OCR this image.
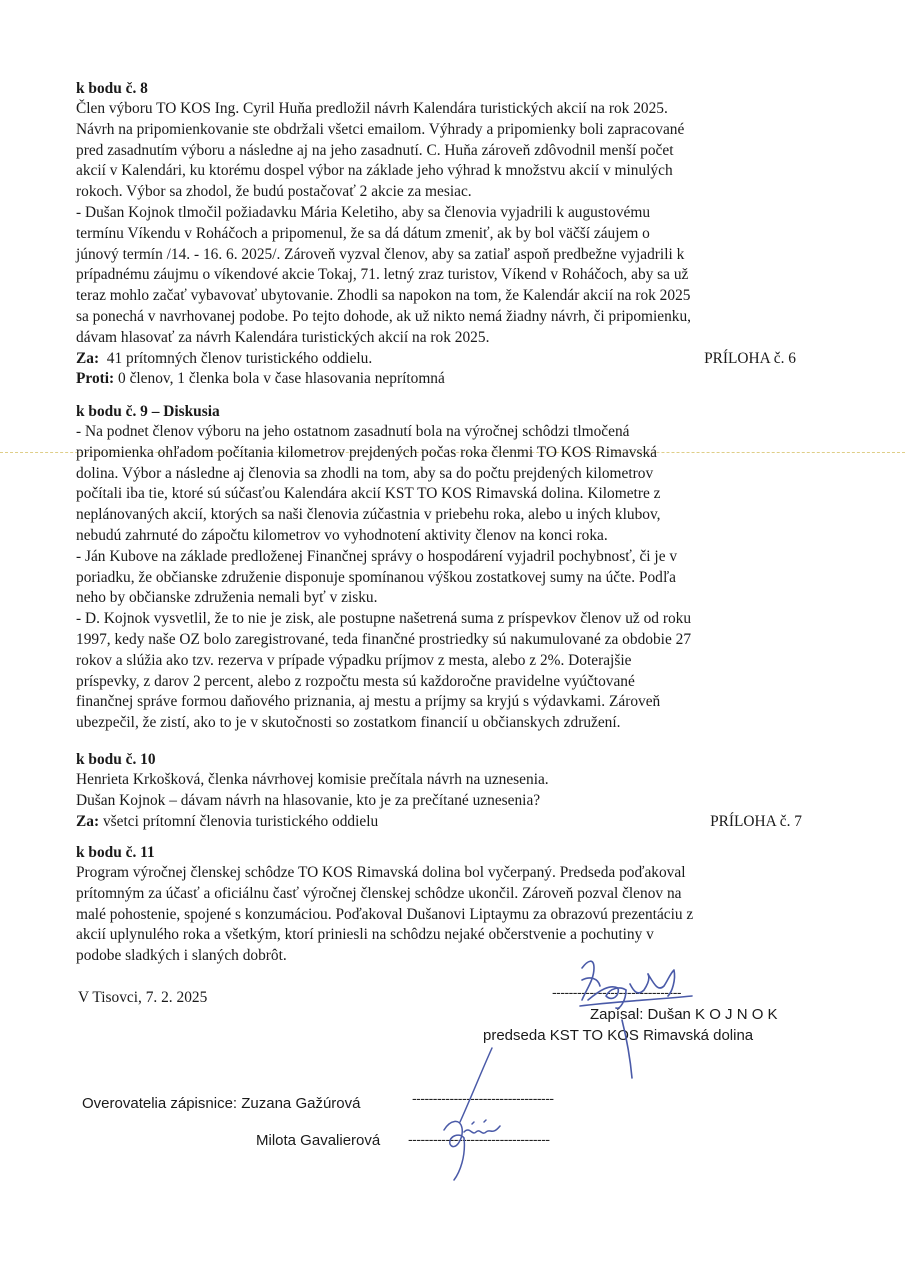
k bodu č. 8
Člen výboru TO KOS Ing. Cyril Huňa predložil návrh Kalendára turistických akcií na rok 2025.
Návrh na pripomienkovanie ste obdržali všetci emailom. Výhrady a pripomienky boli zapracované
pred zasadnutím výboru a následne aj na jeho zasadnutí. C. Huňa zároveň zdôvodnil menší počet
akcií v Kalendári, ku ktorému dospel výbor na základe jeho výhrad k množstvu akcií v minulých
rokoch. Výbor sa zhodol, že budú postačovať 2 akcie za mesiac.
- Dušan Kojnok tlmočil požiadavku Mária Keletiho, aby sa členovia vyjadrili k augustovému
termínu Víkendu v Roháčoch a pripomenul, že sa dá dátum zmeniť, ak by bol väčší záujem o
júnový termín /14. - 16. 6. 2025/. Zároveň vyzval členov, aby sa zatiaľ aspoň predbežne vyjadrili k
prípadnému záujmu o víkendové akcie Tokaj, 71. letný zraz turistov, Víkend v Roháčoch, aby sa už
teraz mohlo začať vybavovať ubytovanie. Zhodli sa napokon na tom, že Kalendár akcií na rok 2025
sa ponechá v navrhovanej podobe. Po tejto dohode, ak už nikto nemá žiadny návrh, či pripomienku,
dávam hlasovať za návrh Kalendára turistických akcií na rok 2025.
Za:  41 prítomných členov turistického oddielu.	PRÍLOHA č. 6
Proti: 0 členov, 1 členka bola v čase hlasovania neprítomná
k bodu č. 9 – Diskusia
- Na podnet členov výboru na jeho ostatnom zasadnutí bola na výročnej schôdzi tlmočená
pripomienka ohľadom počítania kilometrov prejdených počas roka členmi TO KOS Rimavská
dolina. Výbor a následne aj členovia sa zhodli na tom, aby sa do počtu prejdených kilometrov
počítali iba tie, ktoré sú súčasťou Kalendára akcií KST TO KOS Rimavská dolina. Kilometre z
neplánovaných akcií, ktorých sa naši členovia zúčastnia v priebehu roka, alebo u iných klubov,
nebudú zahrnuté do zápočtu kilometrov vo vyhodnotení aktivity členov na konci roka.
- Ján Kubove na základe predloženej Finančnej správy o hospodárení vyjadril pochybnosť, či je v
poriadku, že občianske združenie disponuje spomínanou výškou zostatkovej sumy na účte. Podľa
neho by občianske združenia nemali byť v zisku.
- D. Kojnok vysvetlil, že to nie je zisk, ale postupne našetrená suma z príspevkov členov už od roku
1997, kedy naše OZ bolo zaregistrované, teda finančné prostriedky sú nakumulované za obdobie 27
rokov a slúžia ako tzv. rezerva v prípade výpadku príjmov z mesta, alebo z 2%. Doterajšie
príspevky, z darov 2 percent, alebo z rozpočtu mesta sú každoročne pravidelne vyúčtované
finančnej správe formou daňového priznania, aj mestu a príjmy sa kryjú s výdavkami. Zároveň
ubezpečil, že zistí, ako to je v skutočnosti so zostatkom financií u občianskych združení.
k bodu č. 10
Henrieta Krkošková, členka návrhovej komisie prečítala návrh na uznesenia.
Dušan Kojnok – dávam návrh na hlasovanie, kto je za prečítané uznesenia?
Za: všetci prítomní členovia turistického oddielu	PRÍLOHA č. 7
k bodu č. 11
Program výročnej členskej schôdze TO KOS Rimavská dolina bol vyčerpaný. Predseda poďakoval
prítomným za účasť a oficiálnu časť výročnej členskej schôdze ukončil. Zároveň pozval členov na
malé pohostenie, spojené s konzumáciou. Poďakoval Dušanovi Liptaymu za obrazovú prezentáciu z
akcií uplynulého roka a všetkým, ktorí priniesli na schôdzu nejaké občerstvenie a pochutiny v
podobe sladkých i slaných dobrôt.
V Tisovci, 7. 2. 2025	-------------------------------
Zapísal: Dušan K O J N O K
predseda KST TO KOS Rimavská dolina
Overovatelia zápisnice: Zuzana Gažúrová	----------------------------------
Milota Gavalierová ----------------------------------
